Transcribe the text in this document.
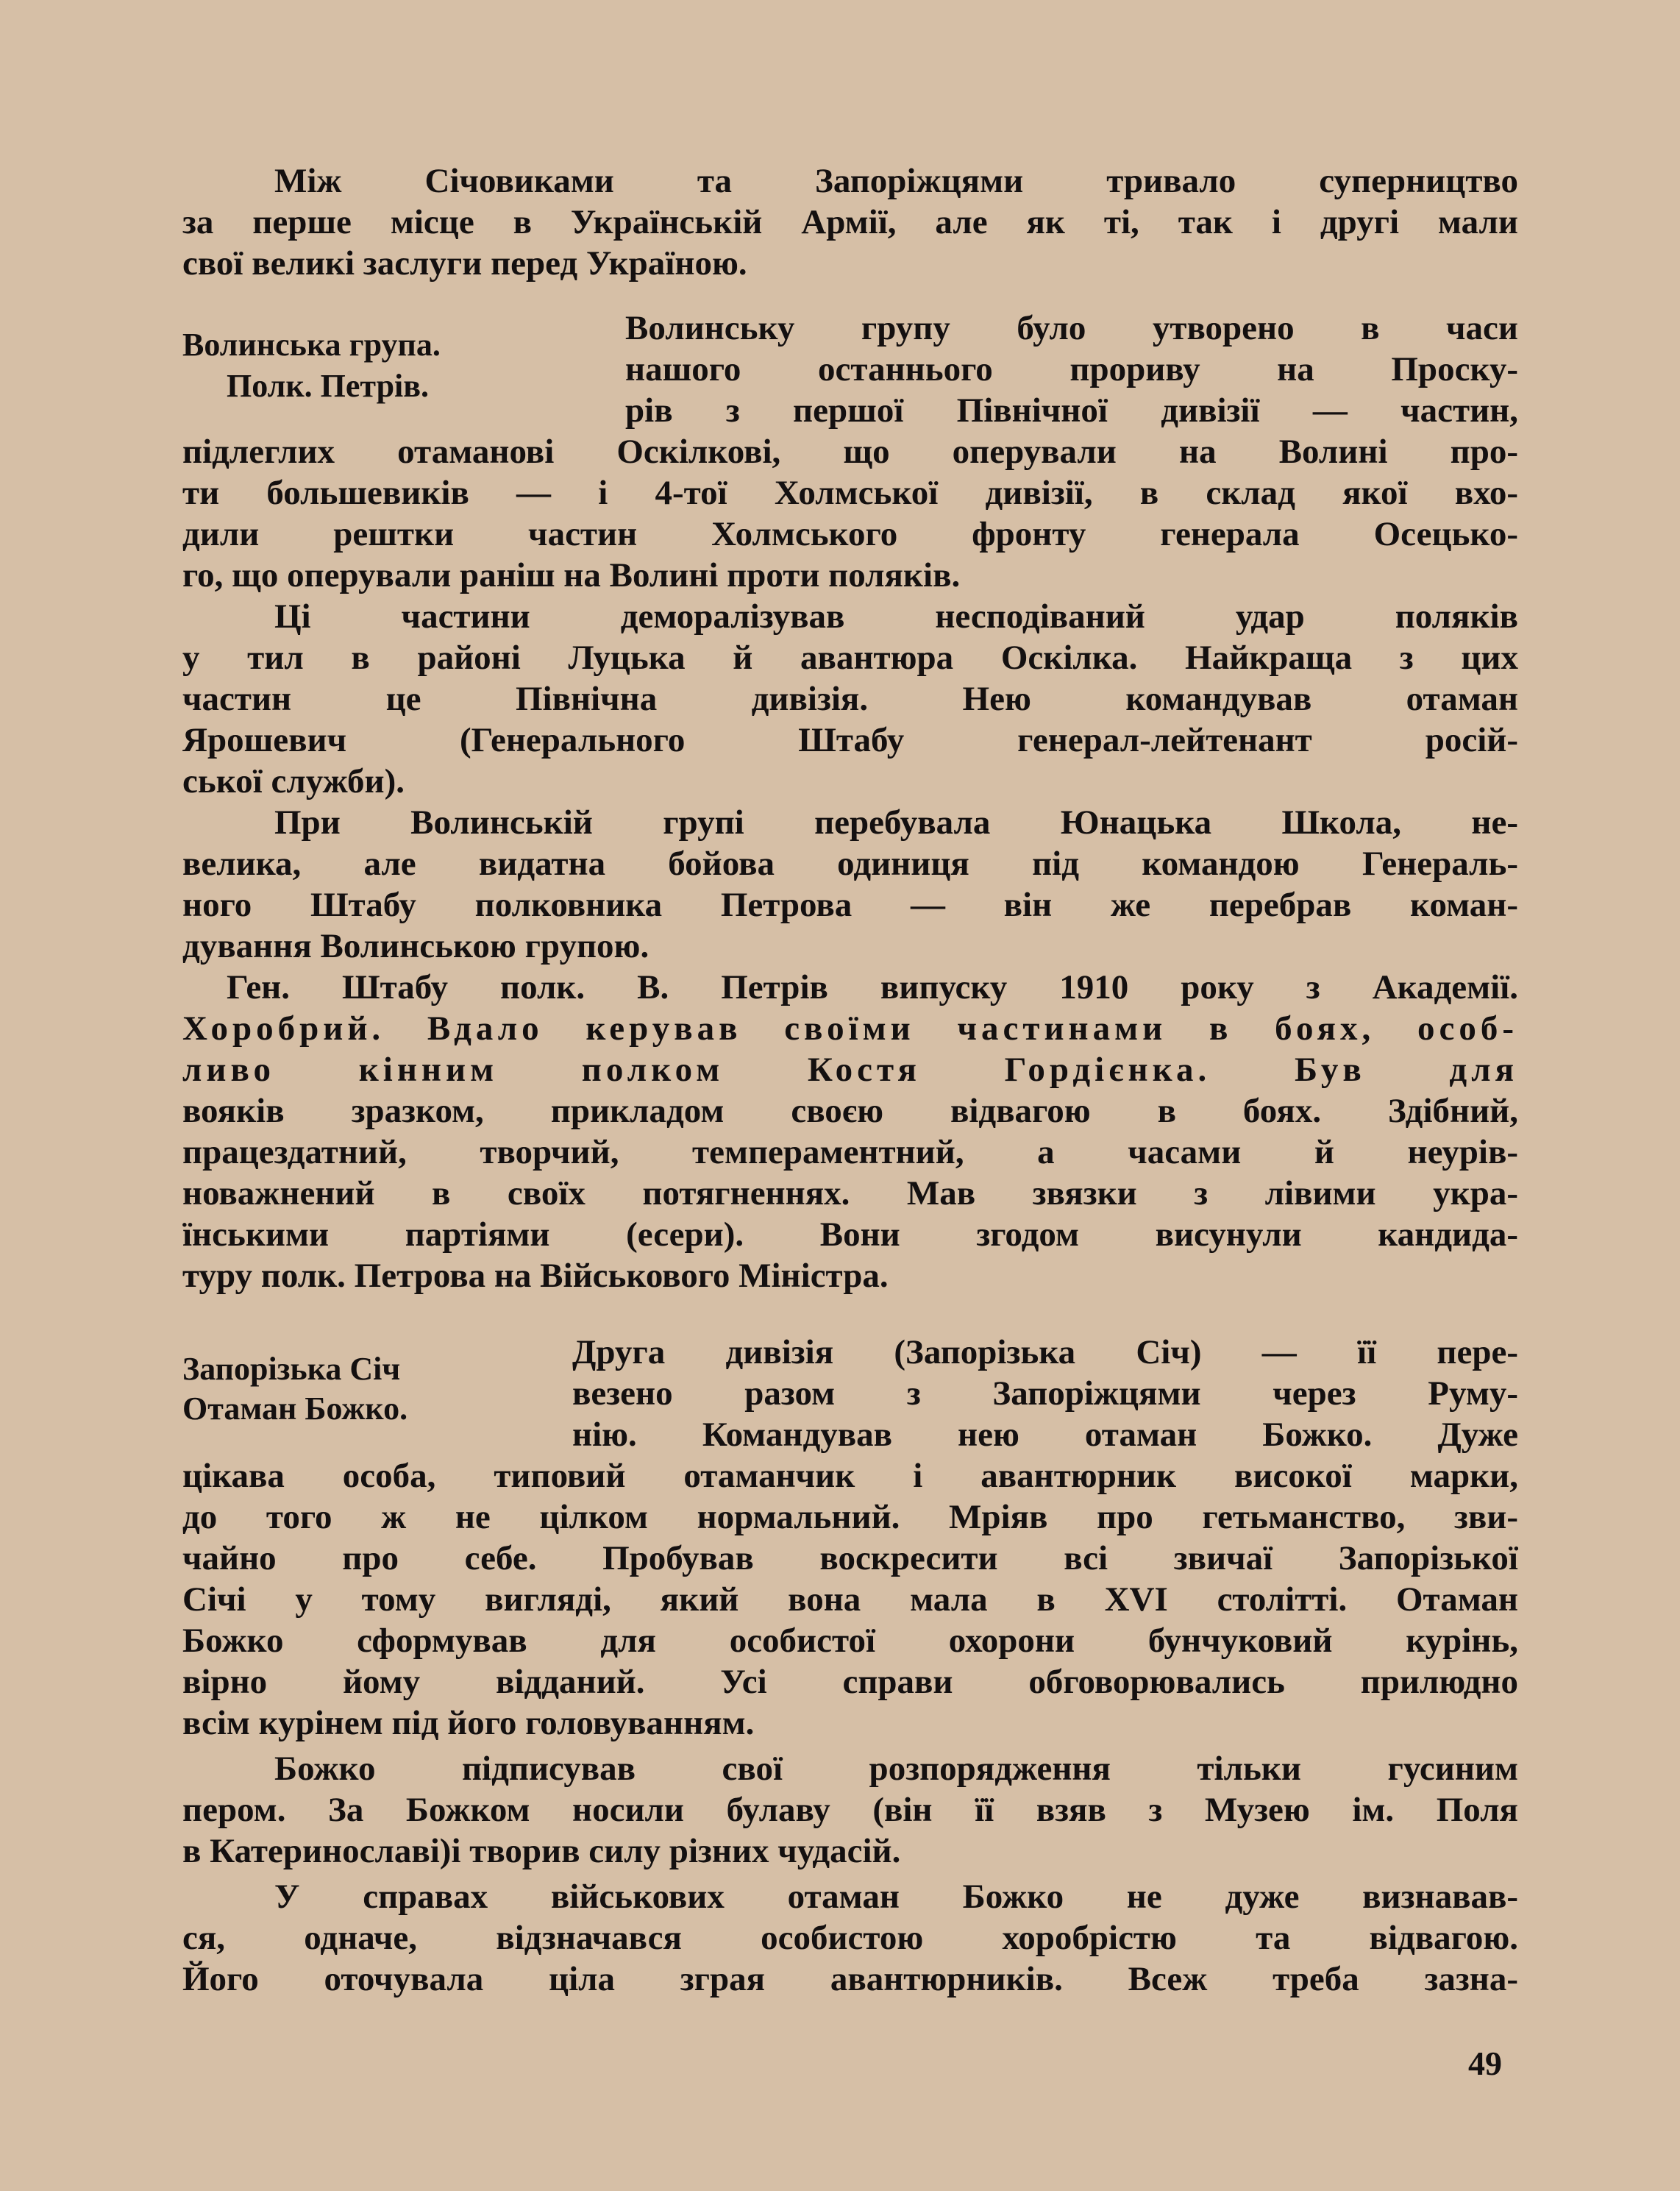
Між Січовиками та Запоріжцями тривало суперництво
за перше місце в Українській Армії, але як ті, так і другі мали
свої великі заслуги перед Україною.
Волинська група.
Полк. Петрів.
Волинську групу було утворено в часи
нашого останнього прориву на Проску-
рів з першої Північної дивізії — частин,
підлеглих отаманові Оскілкові, що оперували на Волині про-
ти большевиків — і 4-тої Холмської дивізії, в склад якої вхо-
дили рештки частин Холмського фронту генерала Осецько-
го, що оперували раніш на Волині проти поляків.
Ці частини деморалізував несподіваний удар поляків
у тил в районі Луцька й авантюра Оскілка. Найкраща з цих
частин це Північна дивізія. Нею командував отаман
Ярошевич (Генерального Штабу генерал-лейтенант росій-
ської служби).
При Волинській групі перебувала Юнацька Школа, не-
велика, але видатна бойова одиниця під командою Генераль-
ного Штабу полковника Петрова — він же перебрав коман-
дування Волинською групою.
Ген. Штабу полк. В. Петрів випуску 1910 року з Академії.
Хоробрий. Вдало керував своїми частинами в боях, особ-
ливо кінним полком Костя Гордієнка. Був для
вояків зразком, прикладом своєю відвагою в боях. Здібний,
працездатний, творчий, темпераментний, а часами й неурів-
новажнений в своїх потягненнях. Мав звязки з лівими укра-
їнськими партіями (есери). Вони згодом висунули кандида-
туру полк. Петрова на Військового Міністра.
Запорізька Січ
Отаман Божко.
Друга дивізія (Запорізька Січ) — її пере-
везено разом з Запоріжцями через Руму-
нію. Командував нею отаман Божко. Дуже
цікава особа, типовий отаманчик і авантюрник високої марки,
до того ж не цілком нормальний. Мріяв про гетьманство, зви-
чайно про себе. Пробував воскресити всі звичаї Запорізької
Січі у тому вигляді, який вона мала в XVI столітті. Отаман
Божко сформував для особистої охорони бунчуковий курінь,
вірно йому відданий. Усі справи обговорювались прилюдно
всім курінем під його головуванням.
Божко підписував свої розпорядження тільки гусиним
пером. За Божком носили булаву (він її взяв з Музею ім. Поля
в Катеринославі)і творив силу різних чудасій.
У справах військових отаман Божко не дуже визнавав-
ся, одначе, відзначався особистою хоробрістю та відвагою.
Його оточувала ціла зграя авантюрників. Всеж треба зазна-
49
